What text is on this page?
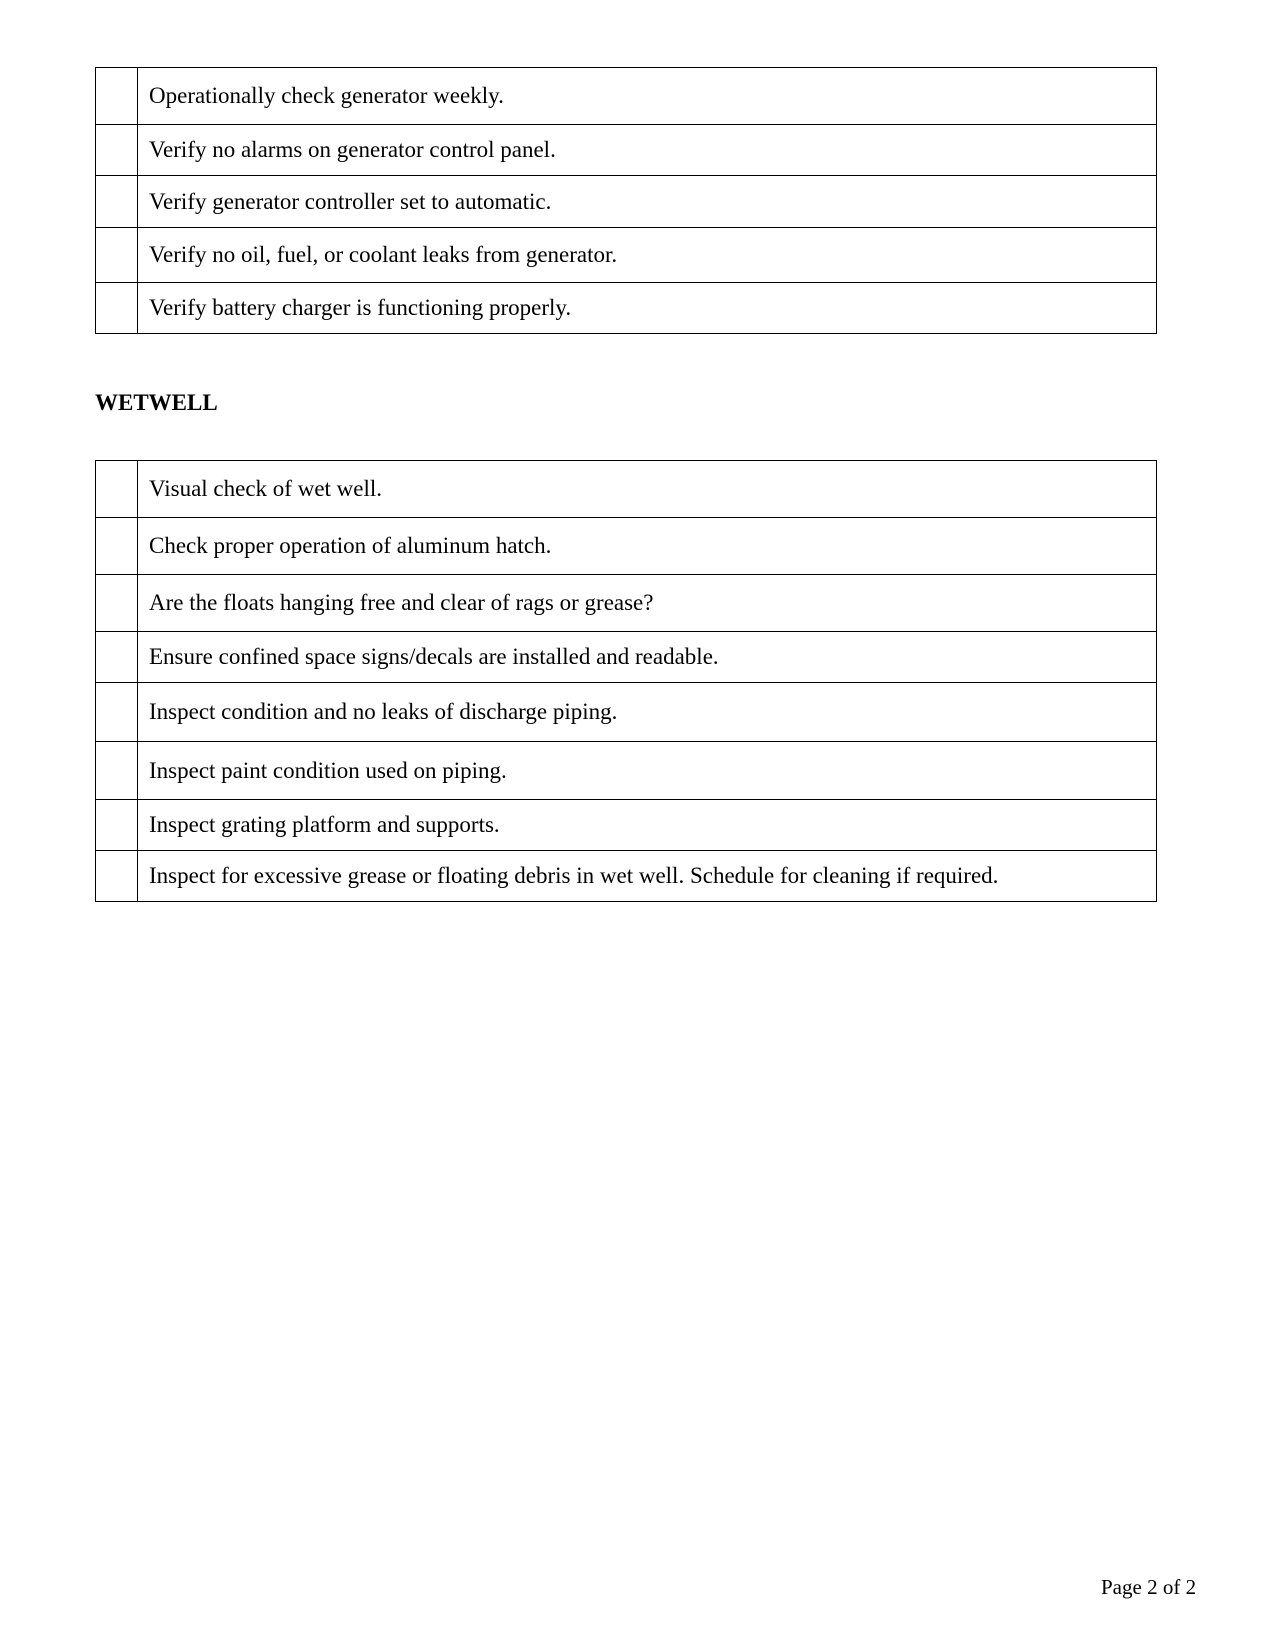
	Operationally check generator weekly.
	Verify no alarms on generator control panel.
	Verify generator controller set to automatic.
	Verify no oil, fuel, or coolant leaks from generator.
	Verify battery charger is functioning properly.
WETWELL
	Visual check of wet well.
	Check proper operation of aluminum hatch.
	Are the floats hanging free and clear of rags or grease?
	Ensure confined space signs/decals are installed and readable.
	Inspect condition and no leaks of discharge piping.
	Inspect paint condition used on piping.
	Inspect grating platform and supports.
	Inspect for excessive grease or floating debris in wet well. Schedule for cleaning if required.

Page 2 of 2
